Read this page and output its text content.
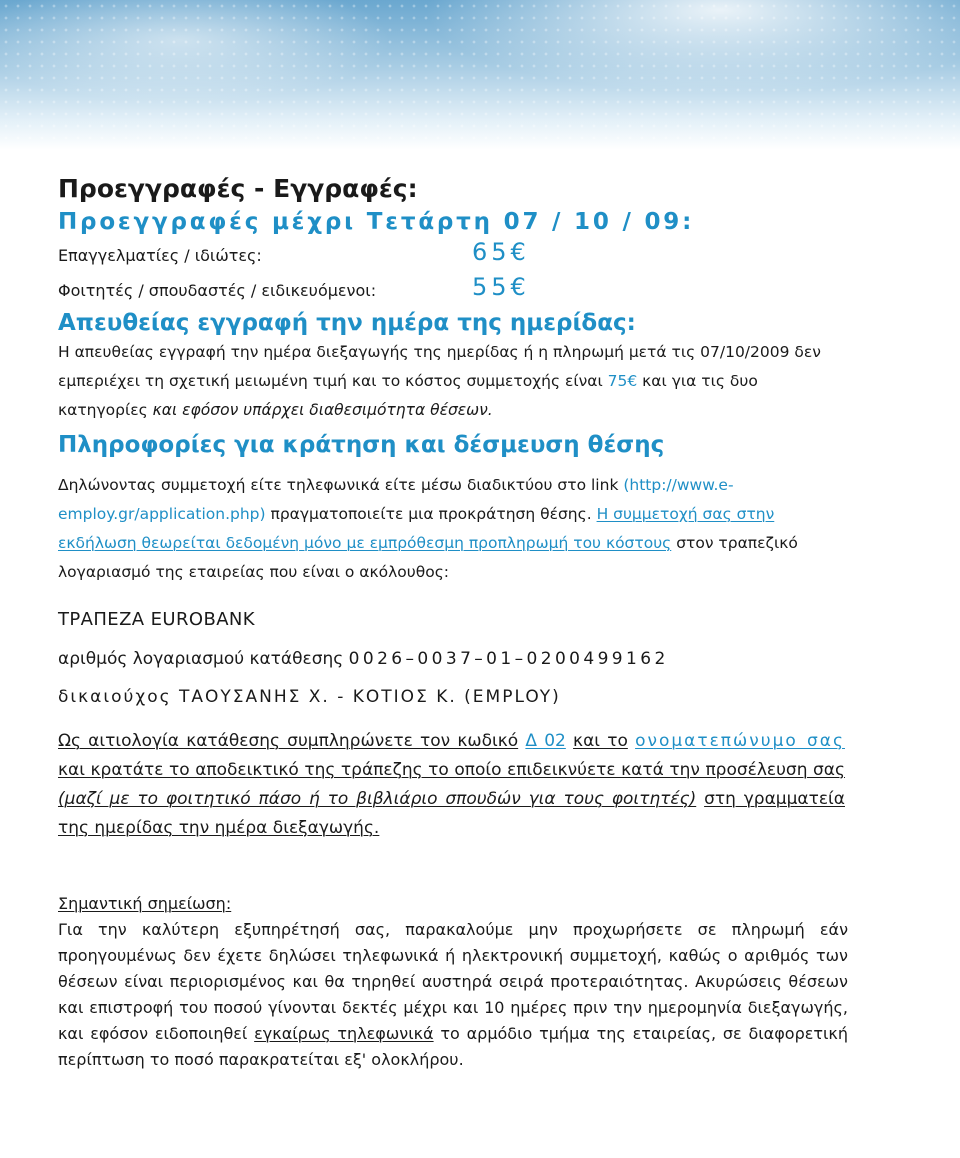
Προεγγραφές - Εγγραφές:
Προεγγραφές μέχρι Τετάρτη 07 / 10 / 09:
Επαγγελματίες / ιδιώτες:	65€
Φοιτητές / σπουδαστές / ειδικευόμενοι:	55€
Απευθείας εγγραφή την ημέρα της ημερίδας:

Η απευθείας εγγραφή την ημέρα διεξαγωγής της ημερίδας ή η πληρωμή μετά τις 07/10/2009 δεν εμπεριέχει τη σχετική μειωμένη τιμή και το κόστος συμμετοχής είναι 75€ και για τις δυο κατηγορίες και εφόσον υπάρχει διαθεσιμότητα θέσεων.

Πληροφορίες για κράτηση και δέσμευση θέσης

Δηλώνοντας συμμετοχή είτε τηλεφωνικά είτε μέσω διαδικτύου στο link (http://www.e-employ.gr/application.php) πραγματοποιείτε μια προκράτηση θέσης. Η συμμετοχή σας στην εκδήλωση θεωρείται δεδομένη μόνο με εμπρόθεσμη προπληρωμή του κόστους στον τραπεζικό λογαριασμό της εταιρείας που είναι ο ακόλουθος:

ΤΡΑΠΕΖΑ EUROBANK
αριθμός λογαριασμού κατάθεσης 0026–0037–01–0200499162
δικαιούχος ΤΑΟΥΣΑΝΗΣ Χ. - ΚΟΤΙΟΣ Κ. (EMPLOY)

Ως αιτιολογία κατάθεσης συμπληρώνετε τον κωδικό Δ 02 και το ονοματεπώνυμο σας και κρατάτε το αποδεικτικό της τράπεζης το οποίο επιδεικνύετε κατά την προσέλευση σας (μαζί με το φοιτητικό πάσο ή το βιβλιάριο σπουδών για τους φοιτητές) στη γραμματεία της ημερίδας την ημέρα διεξαγωγής.

Σημαντική σημείωση:

Για την καλύτερη εξυπηρέτησή σας, παρακαλούμε μην προχωρήσετε σε πληρωμή εάν προηγουμένως δεν έχετε δηλώσει τηλεφωνικά ή ηλεκτρονική συμμετοχή, καθώς ο αριθμός των θέσεων είναι περιορισμένος και θα τηρηθεί αυστηρά σειρά προτεραιότητας. Ακυρώσεις θέσεων και επιστροφή του ποσού γίνονται δεκτές μέχρι και 10 ημέρες πριν την ημερομηνία διεξαγωγής, και εφόσον ειδοποιηθεί εγκαίρως τηλεφωνικά το αρμόδιο τμήμα της εταιρείας, σε διαφορετική περίπτωση το ποσό παρακρατείται εξ' ολοκλήρου.
